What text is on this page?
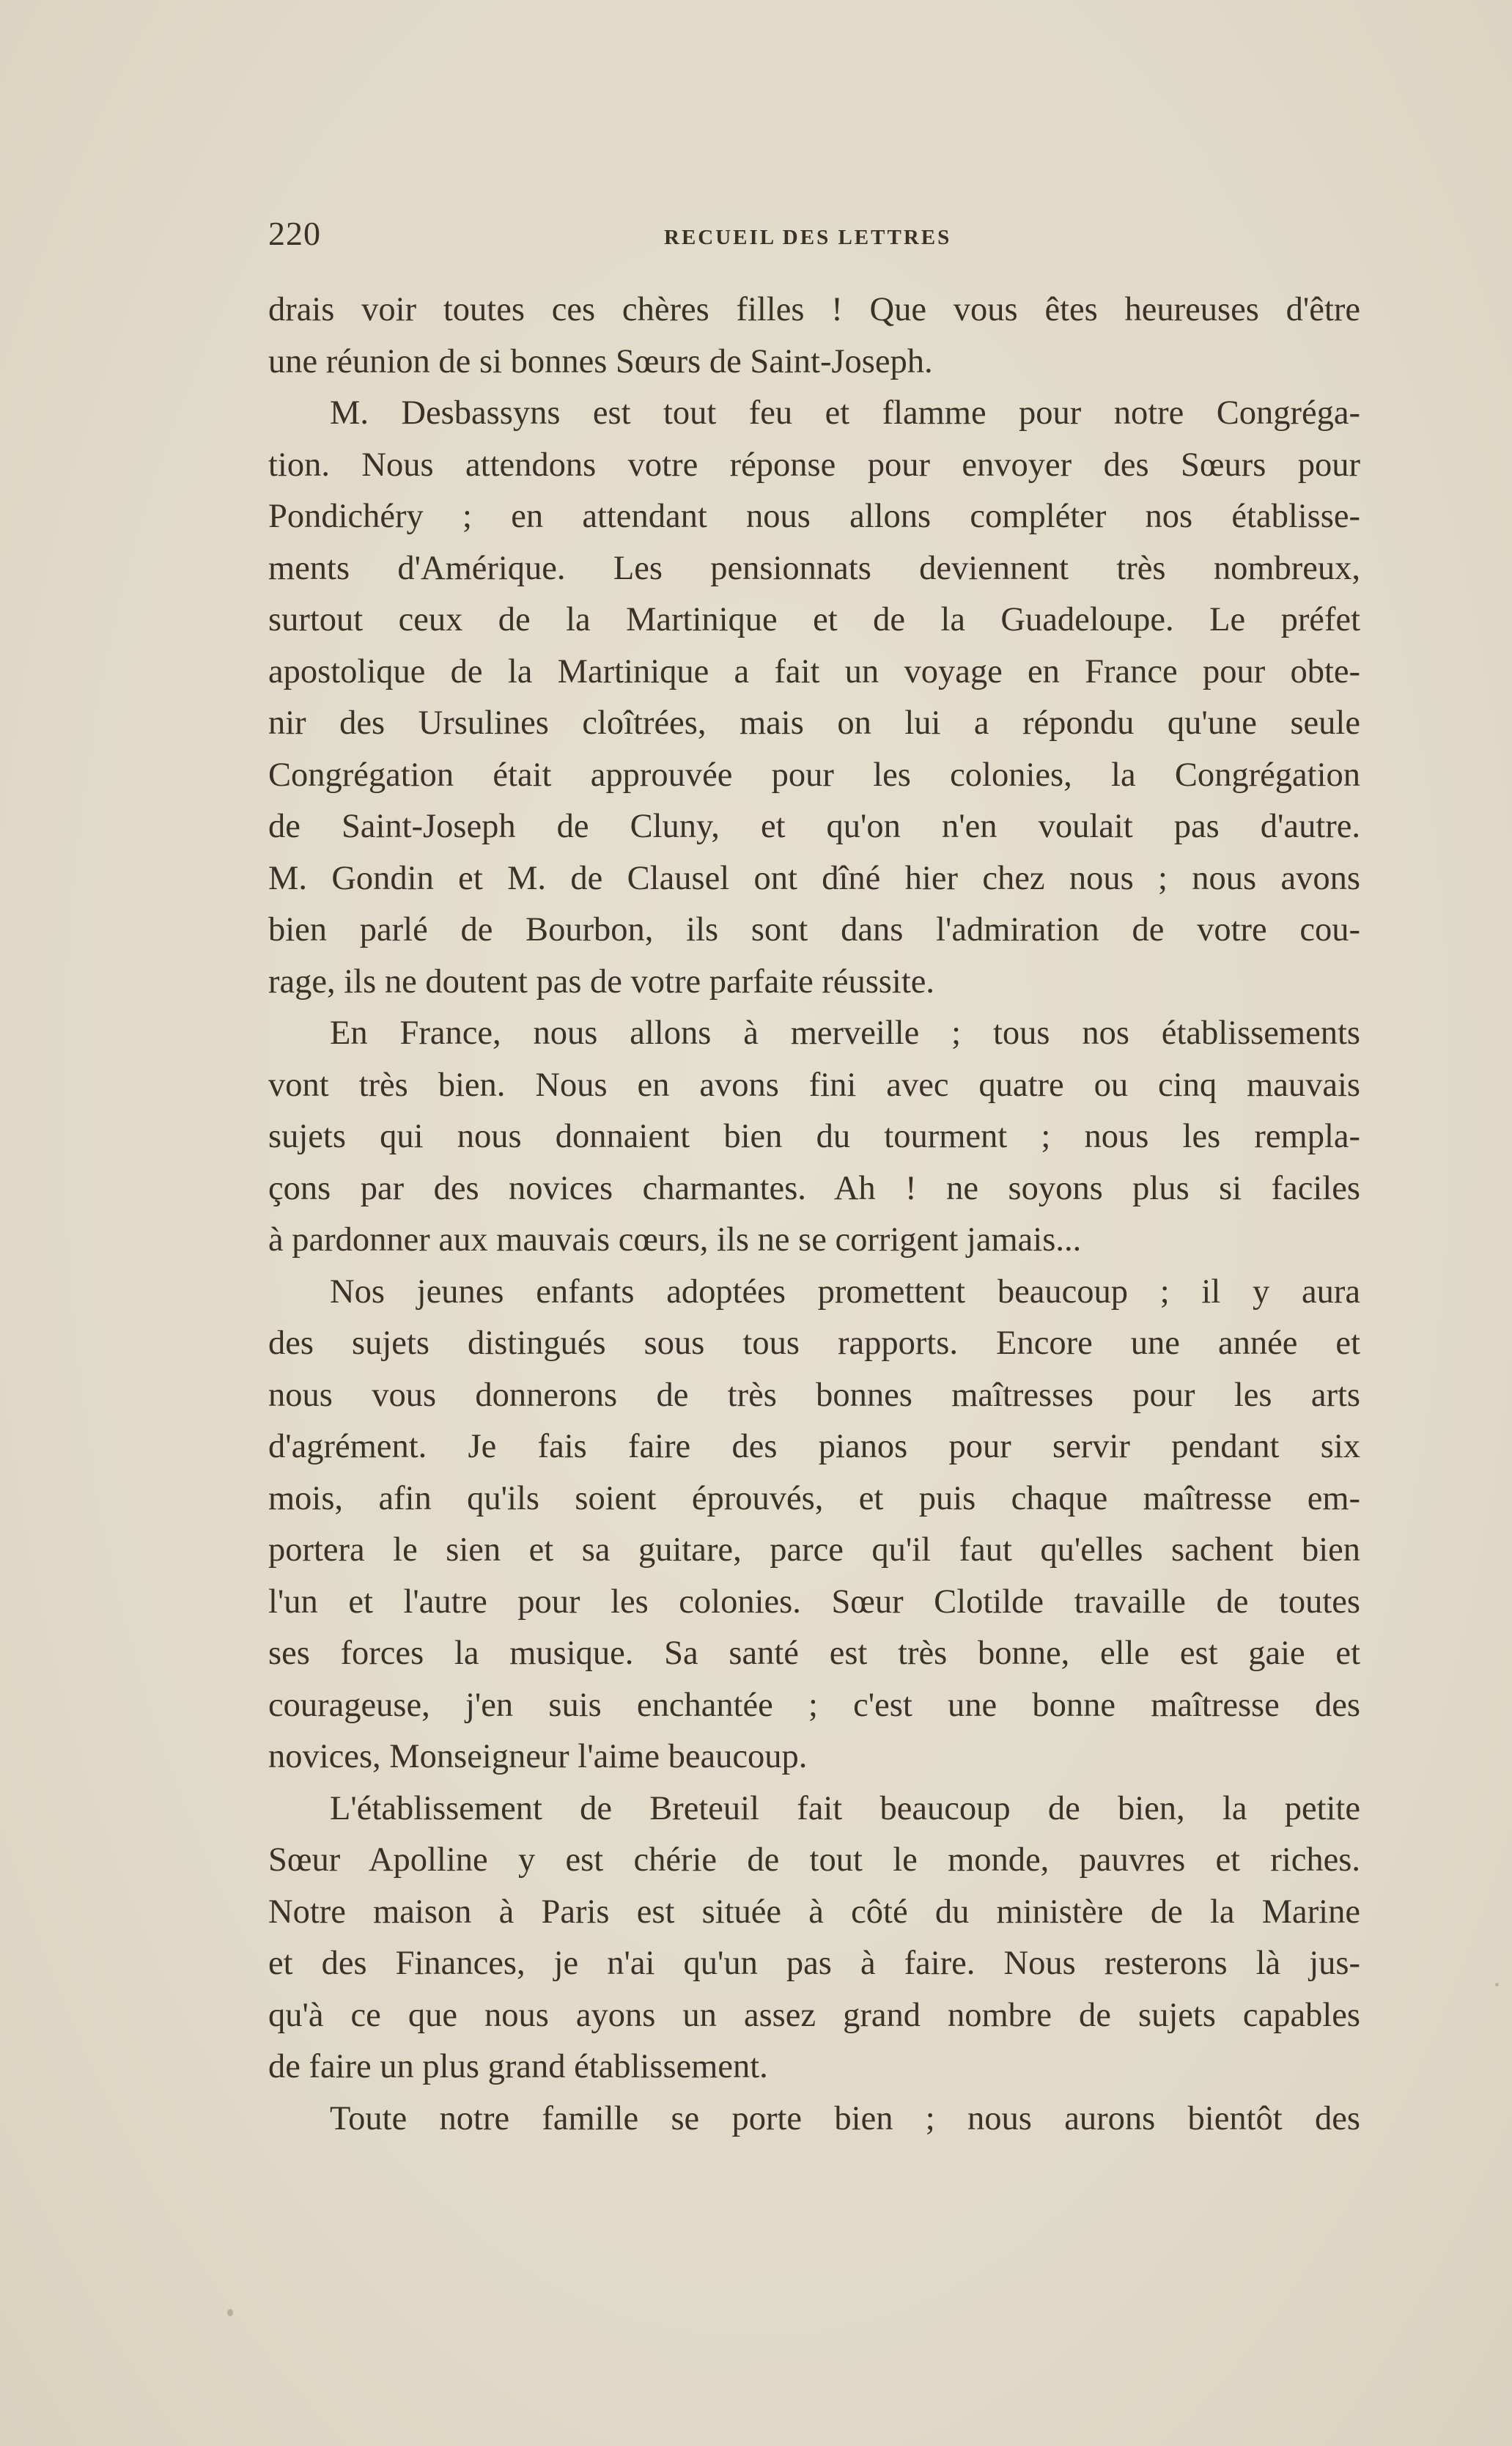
220	RECUEIL DES LETTRES
drais voir toutes ces chères filles ! Que vous êtes heureuses d'être
une réunion de si bonnes Sœurs de Saint-Joseph.
M. Desbassyns est tout feu et flamme pour notre Congréga-
tion. Nous attendons votre réponse pour envoyer des Sœurs pour
Pondichéry ; en attendant nous allons compléter nos établisse-
ments d'Amérique. Les pensionnats deviennent très nombreux,
surtout ceux de la Martinique et de la Guadeloupe. Le préfet
apostolique de la Martinique a fait un voyage en France pour obte-
nir des Ursulines cloîtrées, mais on lui a répondu qu'une seule
Congrégation était approuvée pour les colonies, la Congrégation
de Saint-Joseph de Cluny, et qu'on n'en voulait pas d'autre.
M. Gondin et M. de Clausel ont dîné hier chez nous ; nous avons
bien parlé de Bourbon, ils sont dans l'admiration de votre cou-
rage, ils ne doutent pas de votre parfaite réussite.
En France, nous allons à merveille ; tous nos établissements
vont très bien. Nous en avons fini avec quatre ou cinq mauvais
sujets qui nous donnaient bien du tourment ; nous les rempla-
çons par des novices charmantes. Ah ! ne soyons plus si faciles
à pardonner aux mauvais cœurs, ils ne se corrigent jamais...
Nos jeunes enfants adoptées promettent beaucoup ; il y aura
des sujets distingués sous tous rapports. Encore une année et
nous vous donnerons de très bonnes maîtresses pour les arts
d'agrément. Je fais faire des pianos pour servir pendant six
mois, afin qu'ils soient éprouvés, et puis chaque maîtresse em-
portera le sien et sa guitare, parce qu'il faut qu'elles sachent bien
l'un et l'autre pour les colonies. Sœur Clotilde travaille de toutes
ses forces la musique. Sa santé est très bonne, elle est gaie et
courageuse, j'en suis enchantée ; c'est une bonne maîtresse des
novices, Monseigneur l'aime beaucoup.
L'établissement de Breteuil fait beaucoup de bien, la petite
Sœur Apolline y est chérie de tout le monde, pauvres et riches.
Notre maison à Paris est située à côté du ministère de la Marine
et des Finances, je n'ai qu'un pas à faire. Nous resterons là jus-
qu'à ce que nous ayons un assez grand nombre de sujets capables
de faire un plus grand établissement.
Toute notre famille se porte bien ; nous aurons bientôt des
